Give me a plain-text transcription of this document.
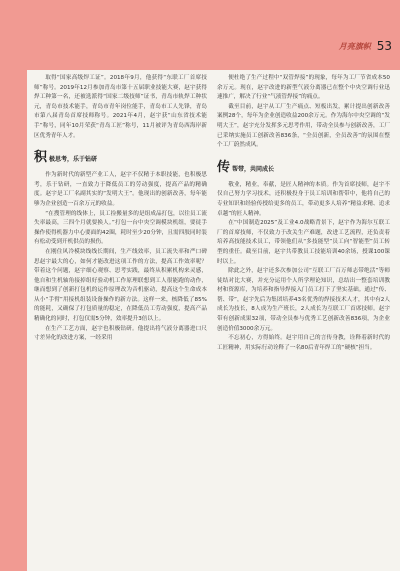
月亮旗帜 53

取得“国家高级焊工证”。2018年9月，他获得“东联工厂首席技师”称号。2019年12月参加青岛市第十五届职业技能大赛，赵宇获得焊工种第一名，还被选派得“国家二级技师”证书，青岛市轨焊工种状元，青岛市技术能手，青岛市青年岗位能手，青岛市工人先锋，青岛市第八届青岛首席技师称号。2021年4月，赵宇获“山东省技术能手”称号，同年10月荣获“青岛工匠”称号，11月被评为青岛西海岸新区优秀青年人才。

积 极思考，乐于钻研

作为新时代的新型产业工人，赵宇不仅精于本职技能，也积极思考，乐于钻研，一直致力于降低员工的劳动强度，提高产品的精确度。赵宇是工厂名副其实的“发明大王”。他现出的创新改善，每年能够为企业创造一百余万元的收益。

“在搜管理的线体上，员工捡搬量多的是组成品打包，以往员工流失率最高，三四个月就要换人。”打包一台中央空调模块机组，要徒手操作使得机器力中心要面的42圈，耗时至少20分钟，且需四肢同时装有松动受到开机供员的损伤。

在刚住风冷模块线线长期间，生产线效率，员工流失率和严口碑思赵宇最大的心，如何才能改进这项工作的方法，提高工作效率呢？带着这个问题，赵宇细心观察、思考实践，最终从积累机构来灵感，他自和生机轴角接掉组好验动机工作原理联想到工人很能跑的动作，继而想到了创新打包机的运作原理改为音机驱动，提高这个生命成本从小“手臂”用接机组装设备操作的新方法。这样一来，核降低了85%的能耗，又确保了打包质量的稳定，在降低员工劳动强度，提高产品精确化的同时，打包仅需5分钟，效率提升3倍以上。

在生产工艺方面，赵宇也积极钻研。他提出将气液分离器进口尺寸差异化的改进方案，一经采用

便杜绝了生产过程中“双管焊接”的现象，每年为工厂节省成本50余万元。现在，赵宇改进的新型气液分离器已在整个中央空调行业迅速推广，解决了行业“气液管焊接”的痛点。

截至目前，赵宇从工厂生产痛点、短板出发，累计提出创新改善案例28个，每年为企业创造收益200余万元。作为海尔中央空调的“发明大王”，赵宇充分发挥多元思考作用，带动全员参与创新改善，工厂已采纳实施员工创新改善836条，“全员创新，全员改善”的氛围在整个工厂蔚然成风。

传 帮带，共同成长

敬业，精业，奉献，是匠人精神的本质。作为首席技师，赵宇不仅自己努力学习技术，还积极投身于员工培训和帮带中，他将自己的专业知识和经验传授给更多的员工，带动更多人培养“精益求精、追求卓越”的匠人精神。

在“中国制造2025”及工业4.0战略背景下，赵宇作为海尔互联工厂的首席技师，不仅致力于改关生产难题，改进工艺流程，还负责着培养高技能技术员工，带领他们从“多技能型”员工向“智能型”员工转型的重任。截至目前，赵宇共带教员工技能培训40余场，授课100课时以上。

除此之外，赵宇还多次参加公司“互联工厂百万师志带绝活”等师徒结对比大赛，并充分运用个人所学理论知识，总结出一整套培训教材和资源库，为培养和指导焊接入门员工打下了坚实基础。通过“传、帮、带”，赵宇先后为集团培养43名优秀的焊接技术人才，其中有2人成长为技长，8人成为生产班长，2人成长为互联工厂首席技师。赵宇带有创新成果32项，带动全员参与优秀工艺创新改善836项，为企业创造价值3000余万元。

不忘初心，方得始终。赵宇用自己的言传身教，诠释着新时代的工匠精神，用实际行动诠释了一名80后青年焊工的“硬核”担当。
